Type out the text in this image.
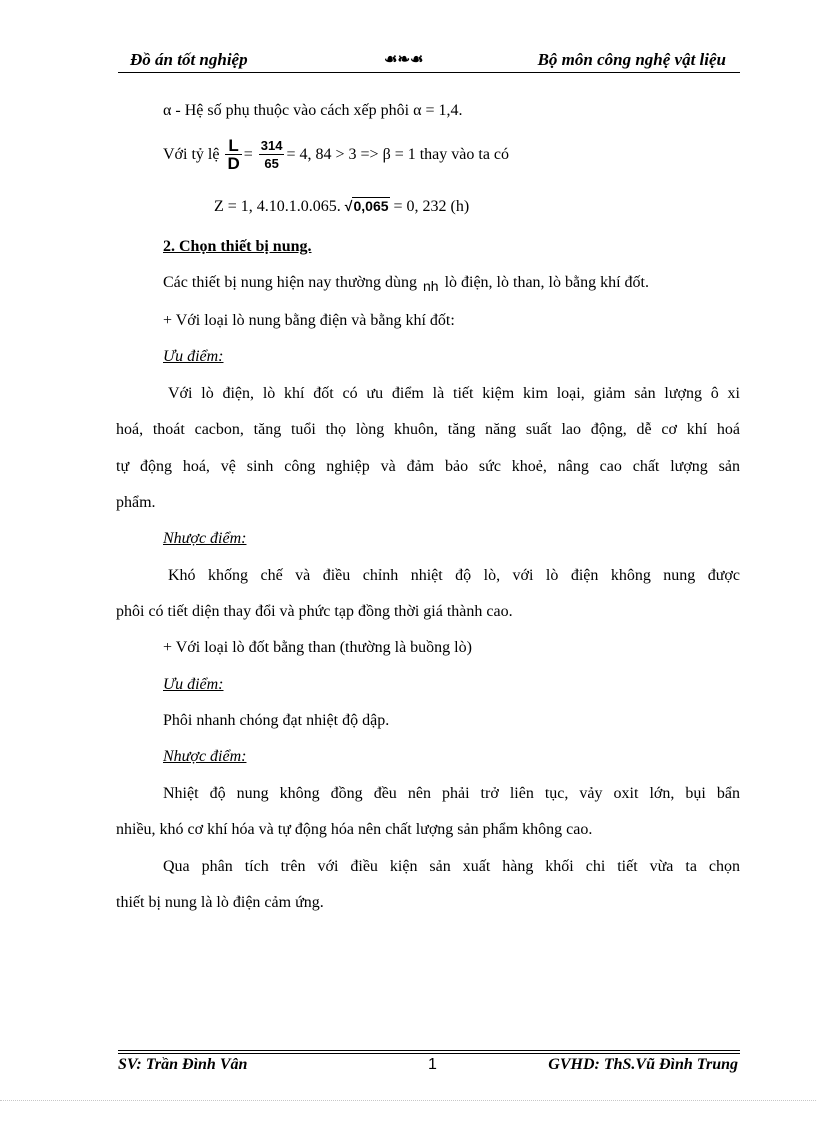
Đồ án tốt nghiệp	☙❧☙	Bộ môn công nghệ vật liệu
α - Hệ số phụ thuộc vào cách xếp phôi α = 1,4.
Với tỷ lệ $\frac{L}{D} = \frac{314}{65} = 4$, 84 > 3 => β = 1 thay vào ta có
Z = 1, 4.10.1.0.065. √0,065 = 0, 232 (h)
2. Chọn thiết bị nung.
Các thiết bị nung hiện nay thường dùng nh lò điện, lò than, lò bằng khí đốt.
+ Với loại lò nung bằng điện và bằng khí đốt:
Ưu điểm:
Với lò điện, lò khí đốt có ưu điểm là tiết kiệm kim loại, giảm sản lượng ô xi
hoá, thoát cacbon, tăng tuổi thọ lòng khuôn, tăng năng suất lao động, dễ cơ khí hoá
tự động hoá, vệ sinh công nghiệp và đảm bảo sức khoẻ, nâng cao chất lượng sản
phẩm.
Nhược điểm:
Khó khống chế và điều chỉnh nhiệt độ lò, với lò điện không nung được
phôi có tiết diện thay đổi và phức tạp đồng thời giá thành cao.
+ Với loại lò đốt bằng than (thường là buồng lò)
Ưu điểm:
Phôi nhanh chóng đạt nhiệt độ dập.
Nhược điểm:
Nhiệt độ nung không đồng đều nên phải trở liên tục, vảy oxit lớn, bụi bẩn
nhiều, khó cơ khí hóa và tự động hóa nên chất lượng sản phẩm không cao.
Qua phân tích trên với điều kiện sản xuất hàng khối chi tiết vừa ta chọn
thiết bị nung là lò điện cảm ứng.
SV: Trần Đình Vân	1	GVHD: ThS.Vũ Đình Trung
